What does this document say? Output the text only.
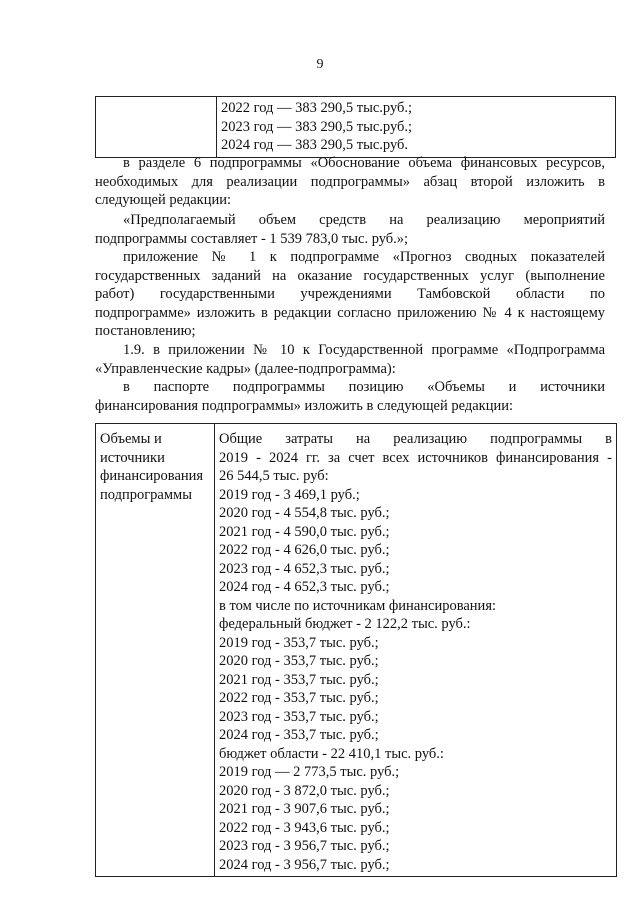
9

2022 год — 383 290,5 тыс.руб.;
2023 год — 383 290,5 тыс.руб.;
2024 год — 383 290,5 тыс.руб.
в разделе 6 подпрограммы «Обоснование объема финансовых ресурсов,
необходимых для реализации подпрограммы» абзац второй изложить в
следующей редакции:
«Предполагаемый объем средств на реализацию мероприятий
подпрограммы составляет - 1 539 783,0 тыс. руб.»;
приложение № 1 к подпрограмме «Прогноз сводных показателей
государственных заданий на оказание государственных услуг (выполнение
работ) государственными учреждениями Тамбовской области по
подпрограмме» изложить в редакции согласно приложению № 4 к настоящему
постановлению;
1.9. в приложении № 10 к Государственной программе «Подпрограмма
«Управленческие кадры» (далее-подпрограмма):
в паспорте подпрограммы позицию «Объемы и источники
финансирования подпрограммы» изложить в следующей редакции:
Объемы и
источники
финансирования
подпрограммы

Общие затраты на реализацию подпрограммы в
2019 - 2024 гг. за счет всех источников финансирования -
26 544,5 тыс. руб:
2019 год - 3 469,1 руб.;
2020 год - 4 554,8 тыс. руб.;
2021 год - 4 590,0 тыс. руб.;
2022 год - 4 626,0 тыс. руб.;
2023 год - 4 652,3 тыс. руб.;
2024 год - 4 652,3 тыс. руб.;
в том числе по источникам финансирования:
федеральный бюджет - 2 122,2 тыс. руб.:
2019 год - 353,7 тыс. руб.;
2020 год - 353,7 тыс. руб.;
2021 год - 353,7 тыс. руб.;
2022 год - 353,7 тыс. руб.;
2023 год - 353,7 тыс. руб.;
2024 год - 353,7 тыс. руб.;
бюджет области - 22 410,1 тыс. руб.:
2019 год — 2 773,5 тыс. руб.;
2020 год - 3 872,0 тыс. руб.;
2021 год - 3 907,6 тыс. руб.;
2022 год - 3 943,6 тыс. руб.;
2023 год - 3 956,7 тыс. руб.;
2024 год - 3 956,7 тыс. руб.;
